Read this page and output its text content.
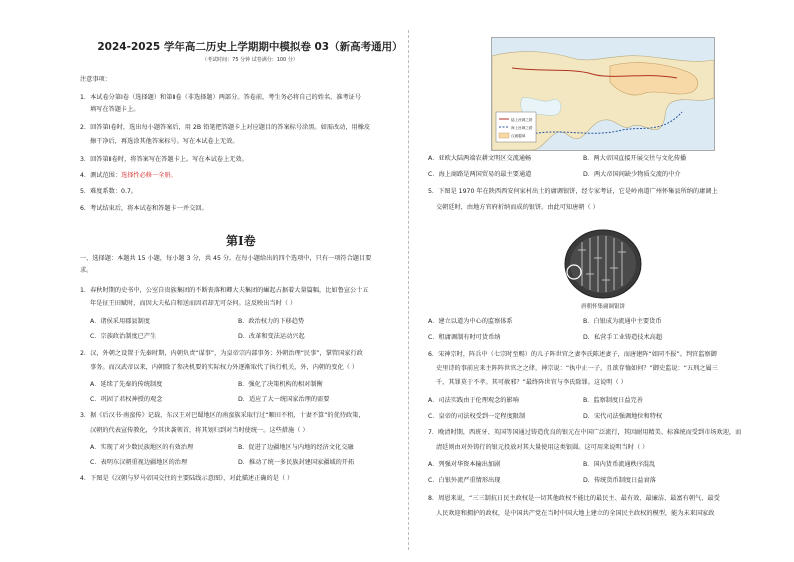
2024-2025 学年高二历史上学期期中模拟卷 03（新高考通用）
（考试时间：75 分钟 试卷满分：100 分）
注意事项：
1．本试卷分第Ⅰ卷（选择题）和第Ⅱ卷（非选择题）两部分。答卷前，考生务必将自己的姓名、准考证号
填写在答题卡上。
2．回答第Ⅰ卷时，选出每小题答案后，用 2B 铅笔把答题卡上对应题目的答案标号涂黑。如需改动，用橡皮
擦干净后，再选涂其他答案标号。写在本试卷上无效。
3．回答第Ⅱ卷时，将答案写在答题卡上。写在本试卷上无效。
4．测试范围：选择性必修一全册。
5．难度系数：0.7。
6．考试结束后，将本试卷和答题卡一并交回。
第Ⅰ卷
一、选择题：本题共 15 小题，每小题 3 分，共 45 分。在每小题给出的四个选项中，只有一项符合题目要
求。
1．春秋时期的史书中，公室自贵族集团的不断丧落和卿大夫集团的崛起占据着大量篇幅，比如鲁宣公十五
年是征王田赋时，而因大夫私自和送而因君却无可奈何。这反映出当时（ ）
A．诸侯采用郡县制度	B．政治权力的下移趋势
C．宗族政治制度已产生	D．改革和变法运动兴起
2．汉，外朝之设置于先秦时期，内朝负责“谋事”，为皇帝宗内部事务；外朝治理“民事”，掌管国家行政
事务。而汉武帝以来，内朝除了参决机要的实际权力外逐渐取代了执行机关，外，内朝的变化（ ）
A．延续了先秦的传统制度	B．强化了决策机构的相对制衡
C．巩固了君权神授的观念	D．适应了大一统国家治理的需要
3．据《后汉书·南蛮传》记载，东汉王对巴蜀地区的南蛮族采取行过“顺田不租，十妻不算”的优待政策，
汉朝的代表宣传教化，令其世袭领首，将其划归到对当时使统一。这些措施（ ）
A．实现了对少数民族地区的有效治理	B．促进了边疆地区与内地的经济文化交融
C．表明东汉朝重视边疆地区的治理	D．推动了统一多民族封建国家疆域的开拓
4．下图是《汉朝与罗马帝国交往的主要陆线示意图》，对此描述正确的是（ ）
陆上丝绸之路
海上丝绸之路
汉朝疆域
A．亚欧大陆两端农耕文明区交流通畅	B．两大帝国直接开展交往与文化传播
C．海上商路是两国贸易的最主要通道	D．两大帝国间缺少物质交流的中介
5．下图是 1970 年在陕西西安何家村出土的庸调银饼，经专家考证，它是岭南道广州怀集县所纳的庸调上
交朝廷时，由地方官府折纳而成的银饼。由此可知唐朝（ ）
唐朝怀集庸调银饼
A．建立以道为中心的监察体系	B．白银成为流通中主要货币
C．租庸调制有时可货币纳	D．私营手工业铸造技术高超
6．宋神宗时，阵兵中（七宗时至赐）的儿子阵世官之妻李氏陈述妻子，而唐建阵“如同不报”。判官监察御
史里诗的事前应来主阵阵世官之之律，神宗说：“执中止一子，且欲存恤如何？”御史监说：“五刑之属三
千，其罪莫于不孝。其可赦邪？”最终阵世官与李氏除罪。这说明（ ）
A．司法实践由于伦理观念的影响	B．监察制度日益完善
C．皇帝的司法权受到一定程度限制	D．宋代司法强调地位和特权
7．晚清时期，西班牙、英国等国通过铸造优良的银元在中国广泛流行，其因耐用精美、标准统而受到市场欢迎，而
清廷则由对外铸行的银元投放对其大量使用这类银圆。这可用来说明当时（ ）
A．列强对华资本输出加剧	B．国内货币流通秩序混乱
C．白银外流严重情形出现	D．传统货币制度日益衰落
8．周恩来说，“三三制抗日民主政权是一切其他政权不能比的最民主、最有效、最廉洁、最富有朝气、最受
人民欢迎和拥护的政权，是中国共产党在当时中国大地上建立的全国民主政权的模型，能为未来国家政
